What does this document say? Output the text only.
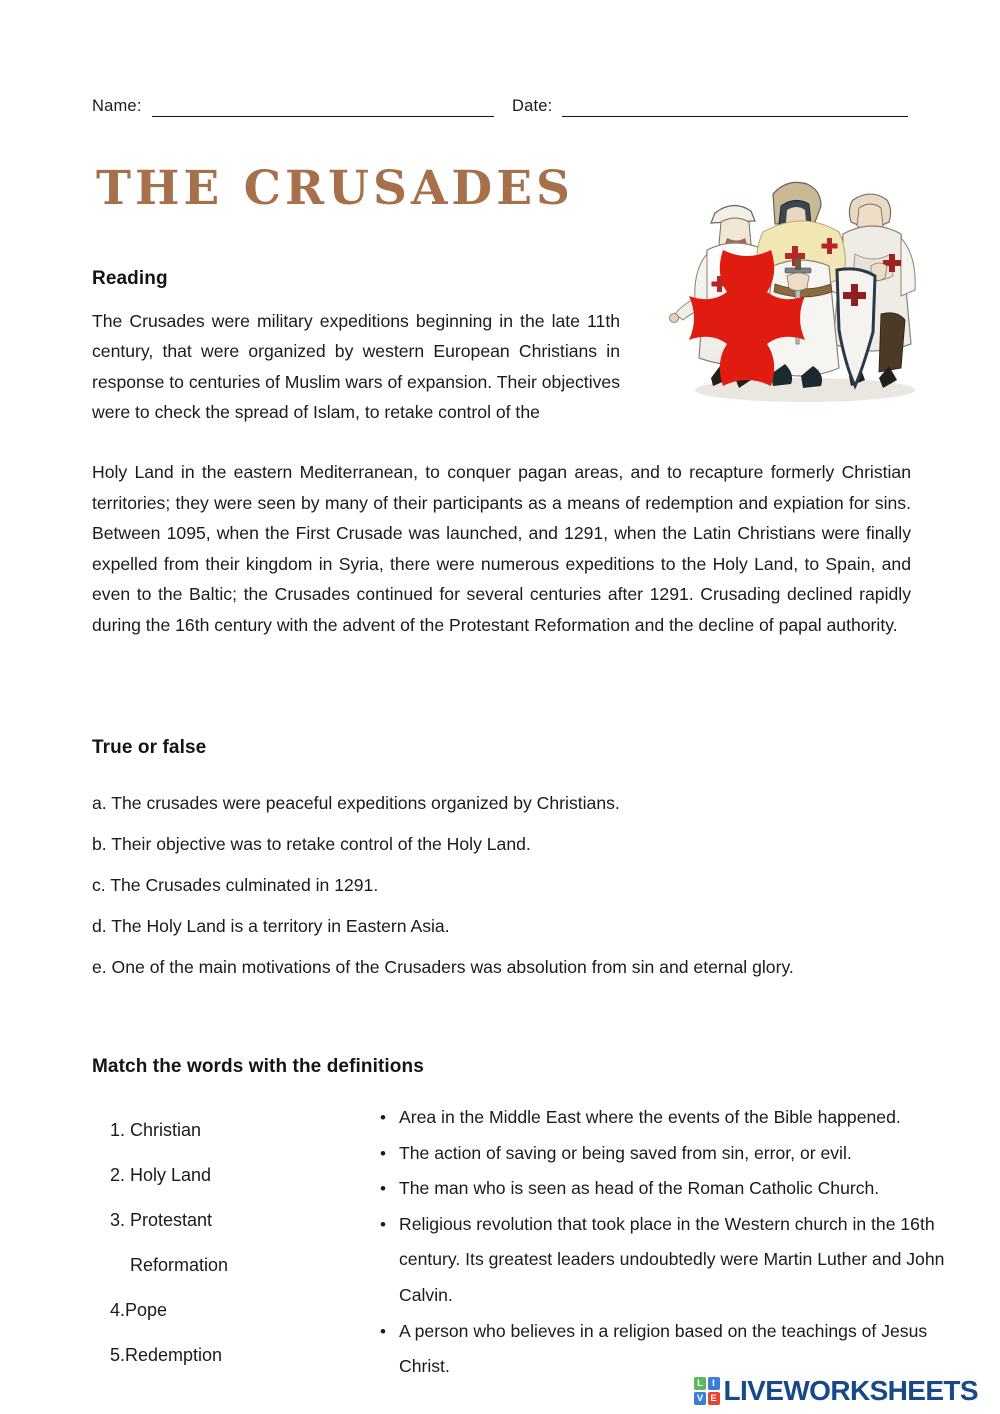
Name:	Date:
THE CRUSADES
Reading
The Crusades were military expeditions beginning in the late 11th century, that were organized by western European Christians in response to centuries of Muslim wars of expansion. Their objectives were to check the spread of Islam, to retake control of the
Holy Land in the eastern Mediterranean, to conquer pagan areas, and to recapture formerly Christian territories; they were seen by many of their participants as a means of redemption and expiation for sins. Between 1095, when the First Crusade was launched, and 1291, when the Latin Christians were finally expelled from their kingdom in Syria, there were numerous expeditions to the Holy Land, to Spain, and even to the Baltic; the Crusades continued for several centuries after 1291. Crusading declined rapidly during the 16th century with the advent of the Protestant Reformation and the decline of papal authority.
True or false
a. The crusades were peaceful expeditions organized by Christians.
b. Their objective was to retake control of the Holy Land.
c. The Crusades culminated in 1291.
d. The Holy Land is a territory in Eastern Asia.
e. One of the main motivations of the Crusaders was absolution from sin and eternal glory.
Match the words with the definitions
1. Christian
2. Holy Land
3. Protestant
Reformation
4.Pope
5.Redemption
• Area in the Middle East where the events of the Bible happened.
• The action of saving or being saved from sin, error, or evil.
• The man who is seen as head of the Roman Catholic Church.
• Religious revolution that took place in the Western church in the 16th century. Its greatest leaders undoubtedly were Martin Luther and John Calvin.
• A person who believes in a religion based on the teachings of Jesus Christ.
L I
V E LIVEWORKSHEETS
